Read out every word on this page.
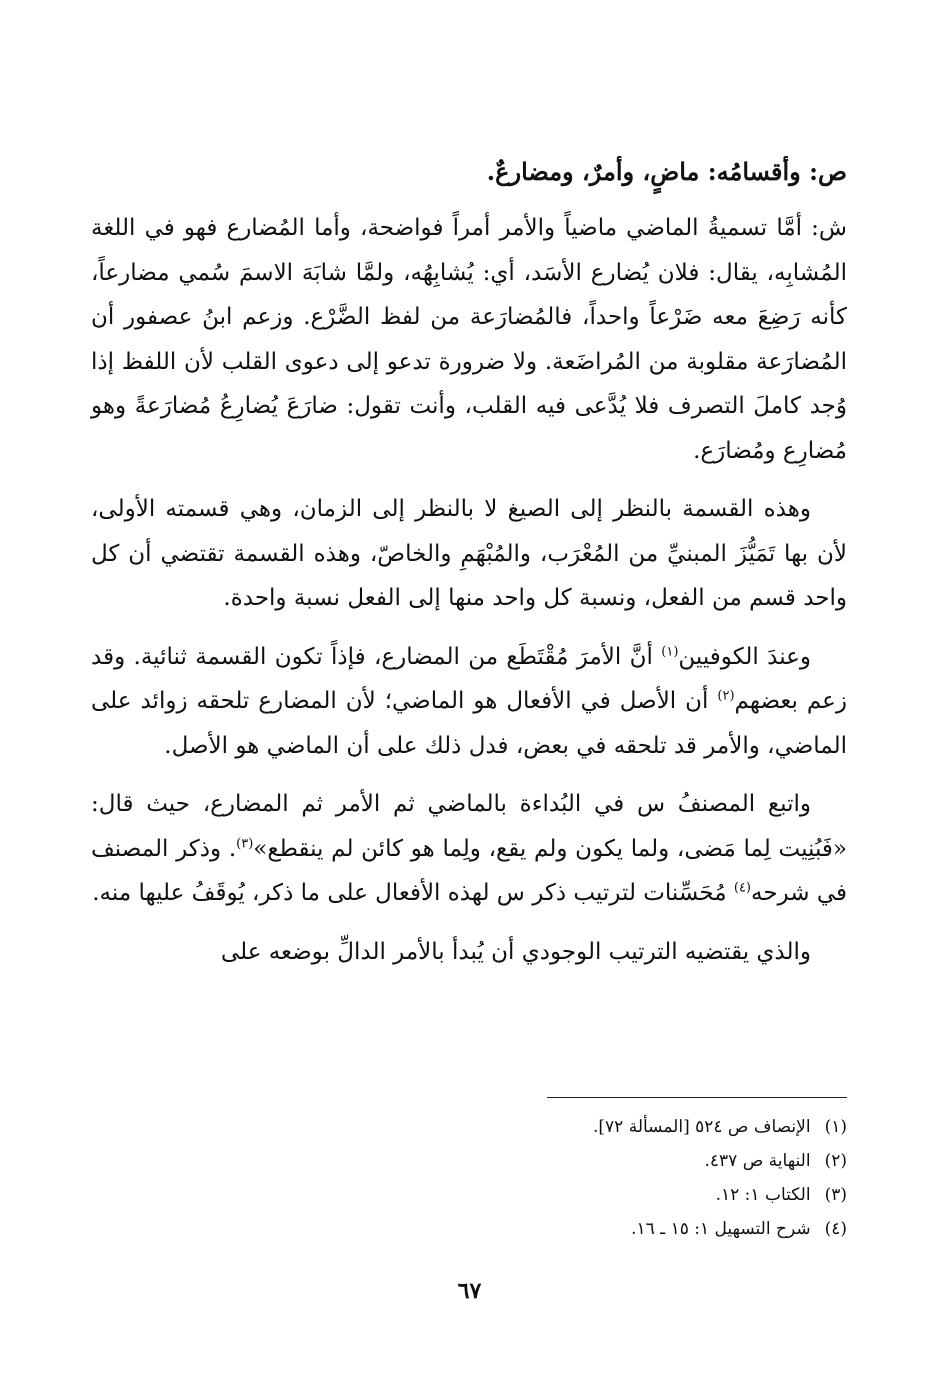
ص: وأقسامُه: ماضٍ، وأمرٌ، ومضارعٌ.

ش: أمَّا تسميةُ الماضي ماضياً والأمر أمراً فواضحة، وأما المُضارع فهو في اللغة المُشابِه، يقال: فلان يُضارع الأسَد، أي: يُشابِهُه، ولمَّا شابَهَ الاسمَ سُمي مضارعاً، كأنه رَضِعَ معه ضَرْعاً واحداً، فالمُضارَعة من لفظ الضَّرْع. وزعم ابنُ عصفور أن المُضارَعة مقلوبة من المُراضَعة. ولا ضرورة تدعو إلى دعوى القلب لأن اللفظ إذا وُجد كاملَ التصرف فلا يُدَّعى فيه القلب، وأنت تقول: ضارَعَ يُضارِعُ مُضارَعةً وهو مُضارِع ومُضارَع.

وهذه القسمة بالنظر إلى الصيغ لا بالنظر إلى الزمان، وهي قسمته الأولى، لأن بها تَمَيُّزَ المبنيِّ من المُعْرَب، والمُبْهَمِ والخاصّ، وهذه القسمة تقتضي أن كل واحد قسم من الفعل، ونسبة كل واحد منها إلى الفعل نسبة واحدة.

وعندَ الكوفيين$^{(١)}$ أنَّ الأمرَ مُقْتَطَع من المضارع، فإذاً تكون القسمة ثنائية. وقد زعم بعضهم$^{(٢)}$ أن الأصل في الأفعال هو الماضي؛ لأن المضارع تلحقه زوائد على الماضي، والأمر قد تلحقه في بعض، فدل ذلك على أن الماضي هو الأصل.

واتبع المصنفُ س في البُداءة بالماضي ثم الأمر ثم المضارع، حيث قال: «فَبُنِيت لِما مَضى، ولما يكون ولم يقع، ولِما هو كائن لم ينقطع»$^{(٣)}$. وذكر المصنف في شرحه$^{(٤)}$ مُحَسِّنات لترتيب ذكر س لهذه الأفعال على ما ذكر، يُوقَفُ عليها منه.

والذي يقتضيه الترتيب الوجودي أن يُبدأ بالأمر الدالِّ بوضعه على

(١)الإنصاف ص ٥٢٤ [المسألة ٧٢].
(٢)النهاية ص ٤٣٧.
(٣)الكتاب ١: ١٢.
(٤)شرح التسهيل ١: ١٥ ـ ١٦.
٦٧
